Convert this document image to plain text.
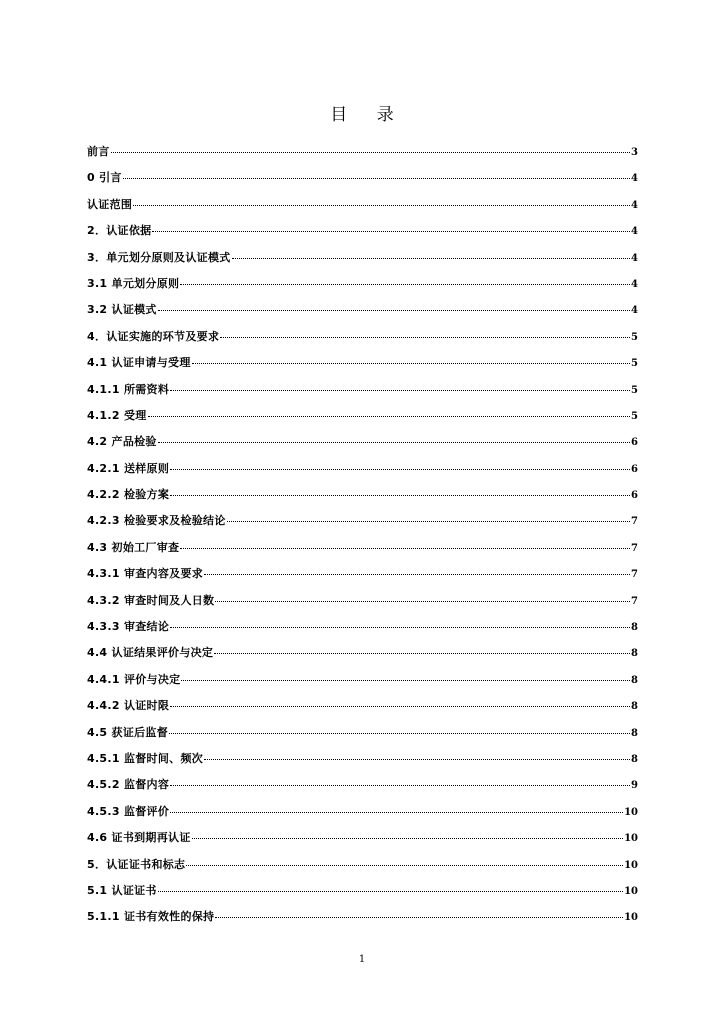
目 录
前言	3
0 引言	4
认证范围	4
2．认证依据	4
3．单元划分原则及认证模式	4
3.1 单元划分原则	4
3.2 认证模式	4
4．认证实施的环节及要求	5
4.1 认证申请与受理	5
4.1.1 所需资料	5
4.1.2 受理	5
4.2 产品检验	6
4.2.1 送样原则	6
4.2.2 检验方案	6
4.2.3 检验要求及检验结论	7
4.3 初始工厂审查	7
4.3.1 审查内容及要求	7
4.3.2 审查时间及人日数	7
4.3.3 审查结论	8
4.4 认证结果评价与决定	8
4.4.1 评价与决定	8
4.4.2 认证时限	8
4.5 获证后监督	8
4.5.1 监督时间、频次	8
4.5.2 监督内容	9
4.5.3 监督评价	10
4.6 证书到期再认证	10
5．认证证书和标志	10
5.1 认证证书	10
5.1.1 证书有效性的保持	10
1
